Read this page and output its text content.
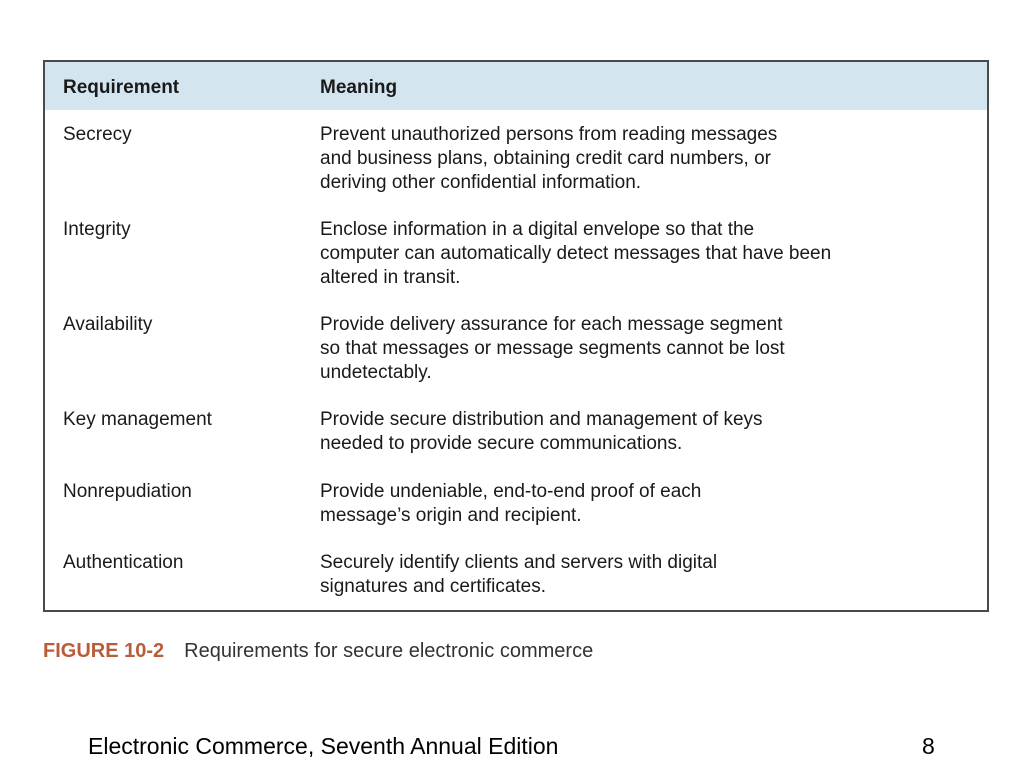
Requirement	Meaning
Secrecy	Prevent unauthorized persons from reading messages
and business plans, obtaining credit card numbers, or
deriving other confidential information.
Integrity	Enclose information in a digital envelope so that the
computer can automatically detect messages that have been
altered in transit.
Availability	Provide delivery assurance for each message segment
so that messages or message segments cannot be lost
undetectably.
Key management	Provide secure distribution and management of keys
needed to provide secure communications.
Nonrepudiation	Provide undeniable, end-to-end proof of each
message’s origin and recipient.
Authentication	Securely identify clients and servers with digital
signatures and certificates.
FIGURE 10-2 Requirements for secure electronic commerce
Electronic Commerce, Seventh Annual Edition	8
